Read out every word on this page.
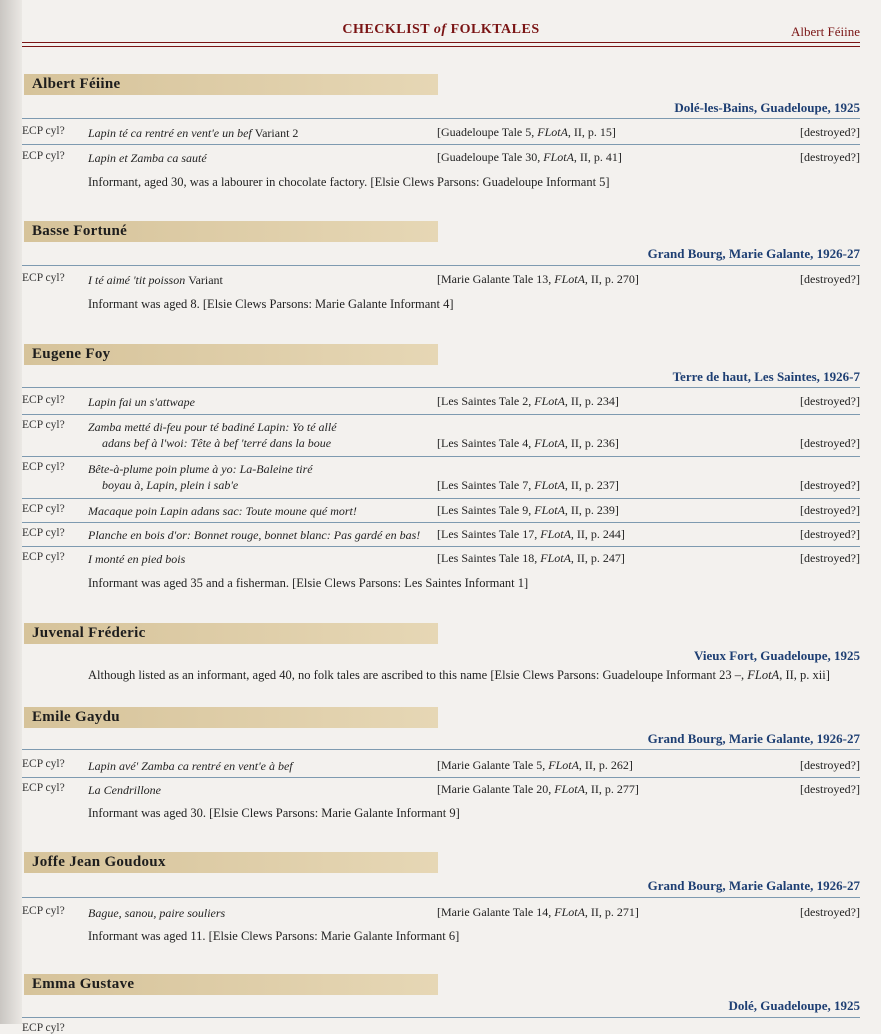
CHECKLIST of FOLKTALES	Albert Féiine
Albert Féiine
Dolé-les-Bains, Guadeloupe, 1925
ECP cyl? Lapin té ca rentré en vent'e un bef Variant 2	[Guadeloupe Tale 5, FLotA, II, p. 15]	[destroyed?]
ECP cyl? Lapin et Zamba ca sauté	[Guadeloupe Tale 30, FLotA, II, p. 41]	[destroyed?]
Informant, aged 30, was a labourer in chocolate factory. [Elsie Clews Parsons: Guadeloupe Informant 5]
Basse Fortuné
Grand Bourg, Marie Galante, 1926-27
ECP cyl? I té aimé 'tit poisson Variant	[Marie Galante Tale 13, FLotA, II, p. 270]	[destroyed?]
Informant was aged 8. [Elsie Clews Parsons: Marie Galante Informant 4]
Eugene Foy
Terre de haut, Les Saintes, 1926-7
ECP cyl? Lapin fai un s'attwape	[Les Saintes Tale 2, FLotA, II, p. 234]	[destroyed?]
ECP cyl? Zamba metté di-feu pour té badiné Lapin: Yo té allé
adans bef à l'woi: Tête à bef 'terré dans la boue	[Les Saintes Tale 4, FLotA, II, p. 236]	[destroyed?]
ECP cyl? Bête-à-plume poin plume à yo: La-Baleine tiré
boyau à, Lapin, plein i sab'e	[Les Saintes Tale 7, FLotA, II, p. 237]	[destroyed?]
ECP cyl? Macaque poin Lapin adans sac: Toute moune qué mort!	[Les Saintes Tale 9, FLotA, II, p. 239]	[destroyed?]
ECP cyl? Planche en bois d'or: Bonnet rouge, bonnet blanc: Pas gardé en bas! [Les Saintes Tale 17, FLotA, II, p. 244]	[destroyed?]
ECP cyl? I monté en pied bois	[Les Saintes Tale 18, FLotA, II, p. 247]	[destroyed?]
Informant was aged 35 and a fisherman. [Elsie Clews Parsons: Les Saintes Informant 1]
Juvenal Fréderic
Vieux Fort, Guadeloupe, 1925
Although listed as an informant, aged 40, no folk tales are ascribed to this name [Elsie Clews Parsons: Guadeloupe Informant 23 –, FLotA, II, p. xii]
Emile Gaydu
Grand Bourg, Marie Galante, 1926-27
ECP cyl? Lapin avé' Zamba ca rentré en vent'e à bef	[Marie Galante Tale 5, FLotA, II, p. 262]	[destroyed?]
ECP cyl? La Cendrillone	[Marie Galante Tale 20, FLotA, II, p. 277]	[destroyed?]
Informant was aged 30. [Elsie Clews Parsons: Marie Galante Informant 9]
Joffe Jean Goudoux
Grand Bourg, Marie Galante, 1926-27
ECP cyl? Bague, sanou, paire souliers	[Marie Galante Tale 14, FLotA, II, p. 271]	[destroyed?]
Informant was aged 11. [Elsie Clews Parsons: Marie Galante Informant 6]
Emma Gustave
Dolé, Guadeloupe, 1925
ECP cyl?
